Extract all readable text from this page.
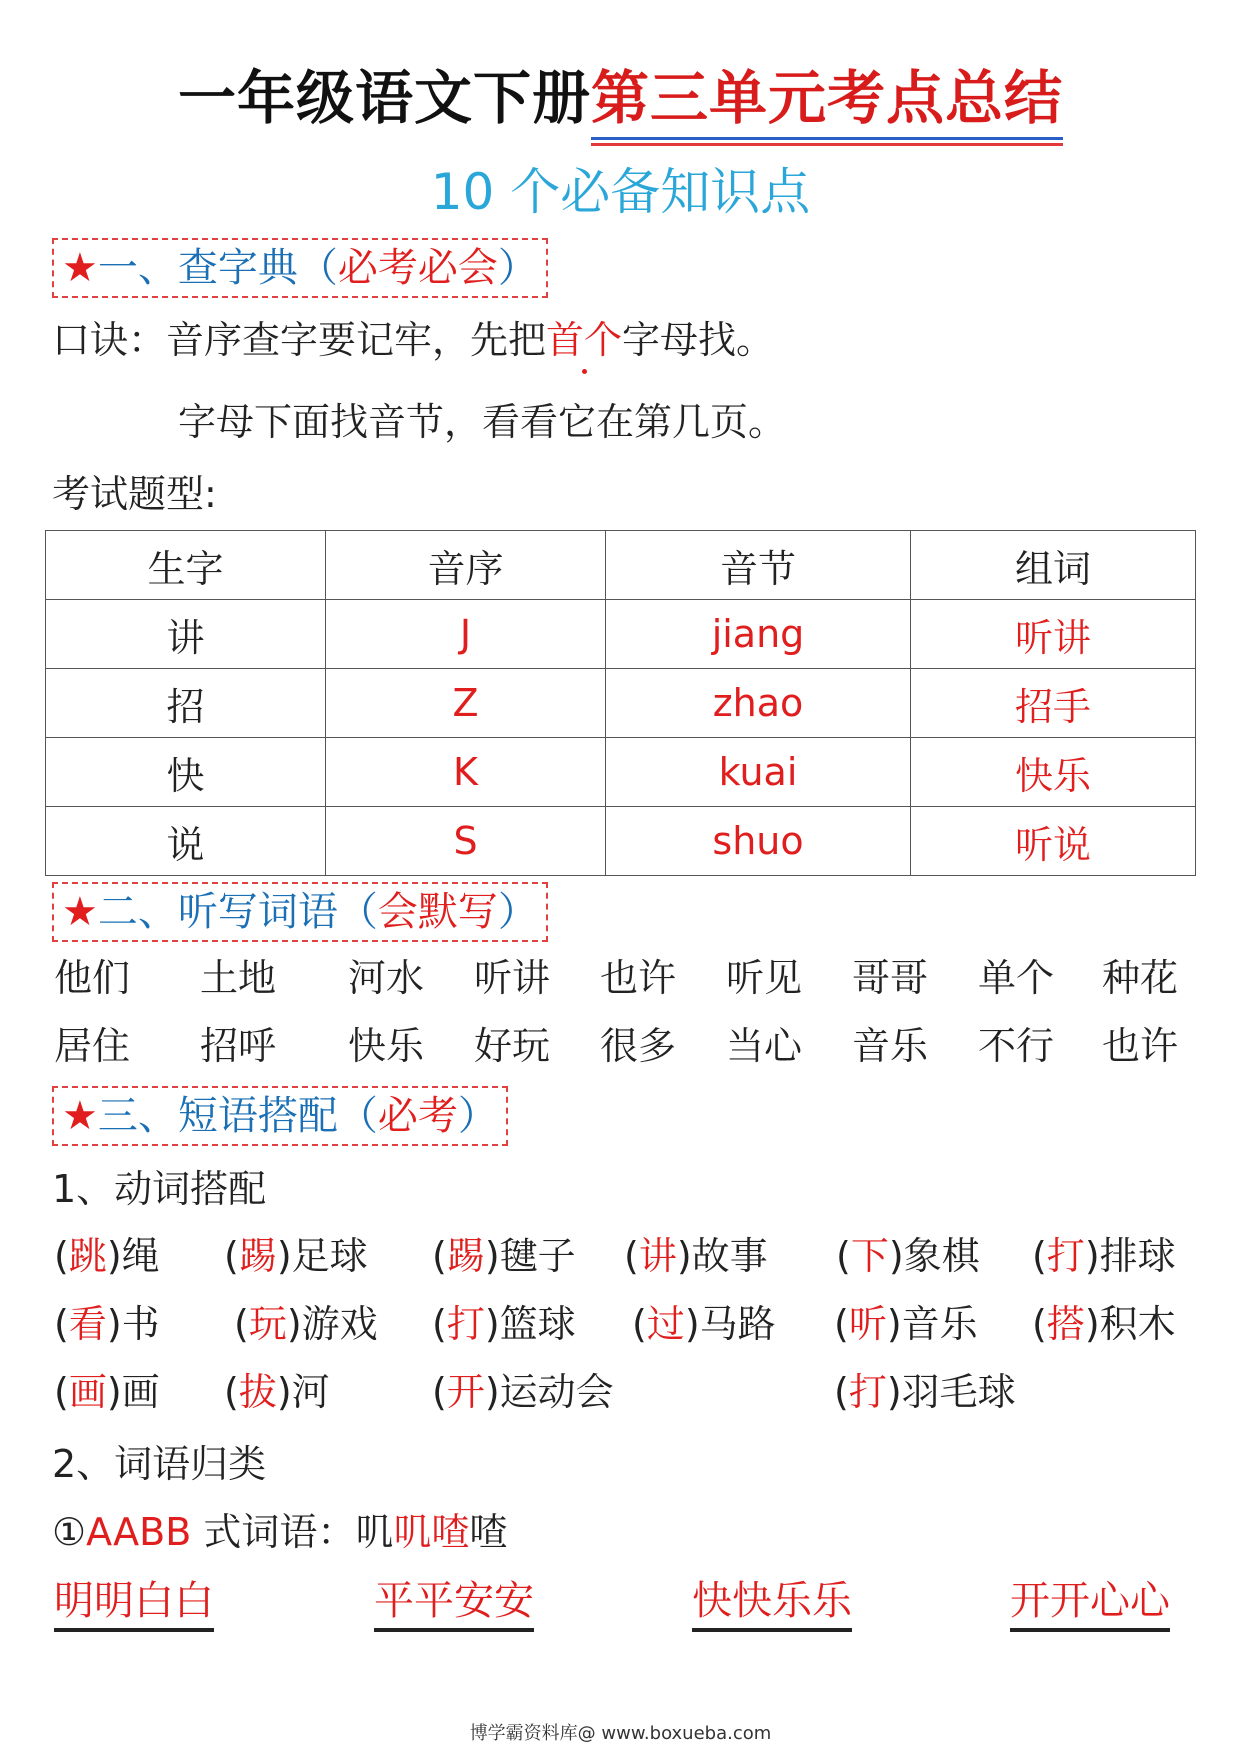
一年级语文下册第三单元考点总结
10 个必备知识点
★一、查字典（必考必会）
口诀：音序查字要记牢，先把首个字母找。
字母下面找音节，看看它在第几页。
考试题型:
生字	音序	音节	组词
讲	J	jiang	听讲
招	Z	zhao	招手
快	K	kuai	快乐
说	S	shuo	听说
★二、听写词语（会默写）
他们 土地 河水 听讲 也许 听见 哥哥 单个 种花
居住 招呼 快乐 好玩 很多 当心 音乐 不行 也许
★三、短语搭配（必考）
1、动词搭配
(跳)绳 (踢)足球 (踢)毽子 (讲)故事 (下)象棋 (打)排球
(看)书 (玩)游戏 (打)篮球 (过)马路 (听)音乐 (搭)积木
(画)画 (拔)河	(开)运动会	(打)羽毛球
2、词语归类
①AABB 式词语：叽叽喳喳
明明白白	平平安安	快快乐乐	开开心心
博学霸资料库@ www.boxueba.com
